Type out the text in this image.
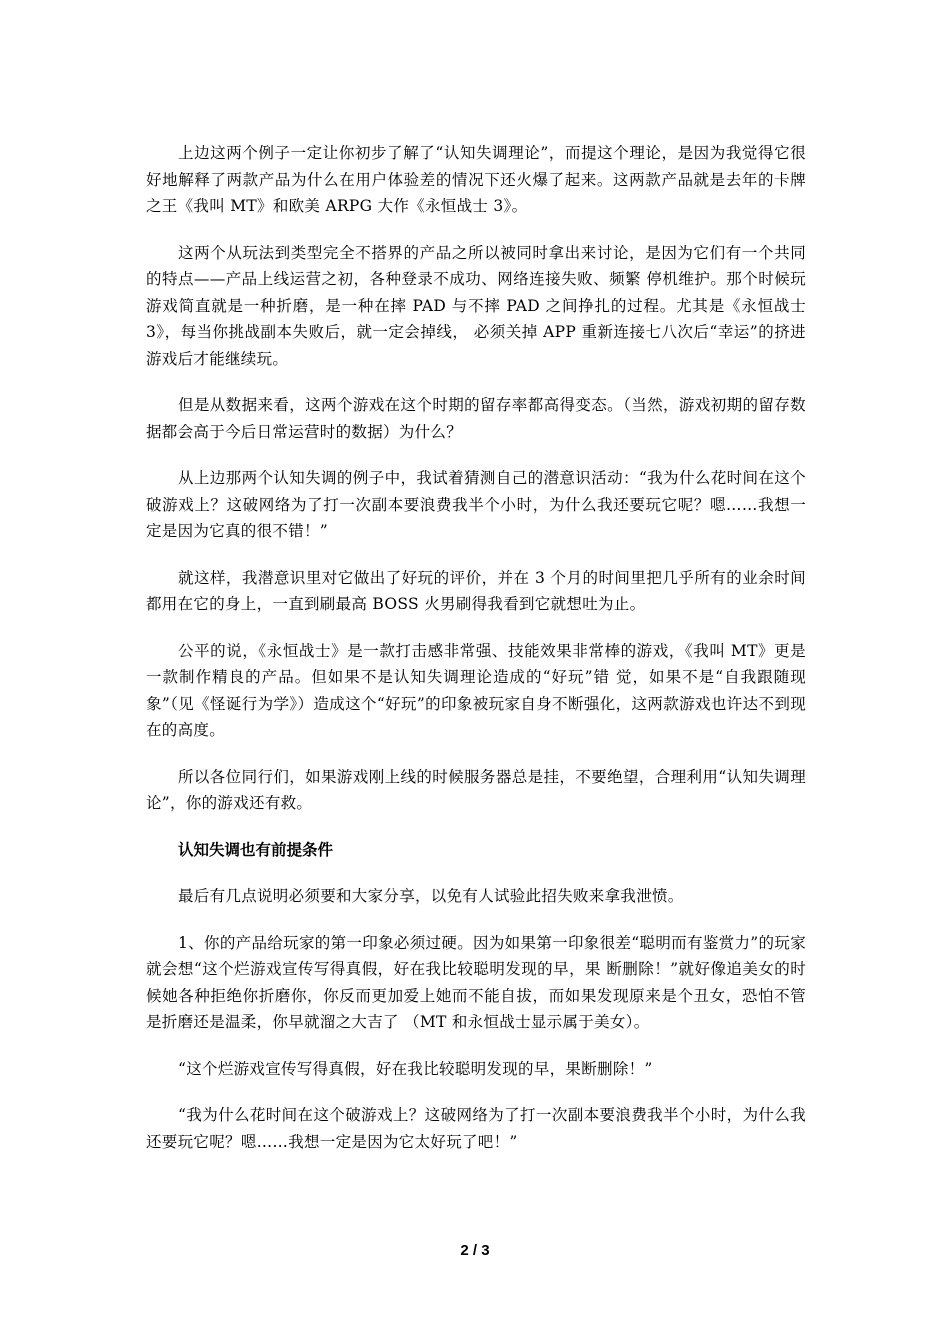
上边这两个例子一定让你初步了解了“认知失调理论”，而提这个理论，是因为我觉得它很好地解释了两款产品为什么在用户体验差的情况下还火爆了起来。这两款产品就是去年的卡牌之王《我叫 MT》和欧美 ARPG 大作《永恒战士 3》。

这两个从玩法到类型完全不搭界的产品之所以被同时拿出来讨论，是因为它们有一个共同的特点——产品上线运营之初，各种登录不成功、网络连接失败、频繁 停机维护。那个时候玩游戏简直就是一种折磨，是一种在摔 PAD 与不摔 PAD 之间挣扎的过程。尤其是《永恒战士 3》，每当你挑战副本失败后，就一定会掉线， 必须关掉 APP 重新连接七八次后“幸运”的挤进游戏后才能继续玩。

但是从数据来看，这两个游戏在这个时期的留存率都高得变态。（当然，游戏初期的留存数据都会高于今后日常运营时的数据）为什么？

从上边那两个认知失调的例子中，我试着猜测自己的潜意识活动：“我为什么花时间在这个破游戏上？这破网络为了打一次副本要浪费我半个小时，为什么我还要玩它呢？嗯……我想一定是因为它真的很不错！”

就这样，我潜意识里对它做出了好玩的评价，并在 3 个月的时间里把几乎所有的业余时间都用在它的身上，一直到刷最高 BOSS 火男刷得我看到它就想吐为止。

公平的说，《永恒战士》是一款打击感非常强、技能效果非常棒的游戏，《我叫 MT》更是一款制作精良的产品。但如果不是认知失调理论造成的“好玩”错 觉，如果不是“自我跟随现象”（见《怪诞行为学》）造成这个“好玩”的印象被玩家自身不断强化，这两款游戏也许达不到现在的高度。

所以各位同行们，如果游戏刚上线的时候服务器总是挂，不要绝望，合理利用“认知失调理论”，你的游戏还有救。

认知失调也有前提条件

最后有几点说明必须要和大家分享，以免有人试验此招失败来拿我泄愤。

1、你的产品给玩家的第一印象必须过硬。因为如果第一印象很差“聪明而有鉴赏力”的玩家就会想“这个烂游戏宣传写得真假，好在我比较聪明发现的早，果 断删除！”就好像追美女的时候她各种拒绝你折磨你，你反而更加爱上她而不能自拔，而如果发现原来是个丑女，恐怕不管是折磨还是温柔，你早就溜之大吉了 （MT 和永恒战士显示属于美女）。

“这个烂游戏宣传写得真假，好在我比较聪明发现的早，果断删除！”

“我为什么花时间在这个破游戏上？这破网络为了打一次副本要浪费我半个小时，为什么我还要玩它呢？嗯……我想一定是因为它太好玩了吧！”

2 / 3
